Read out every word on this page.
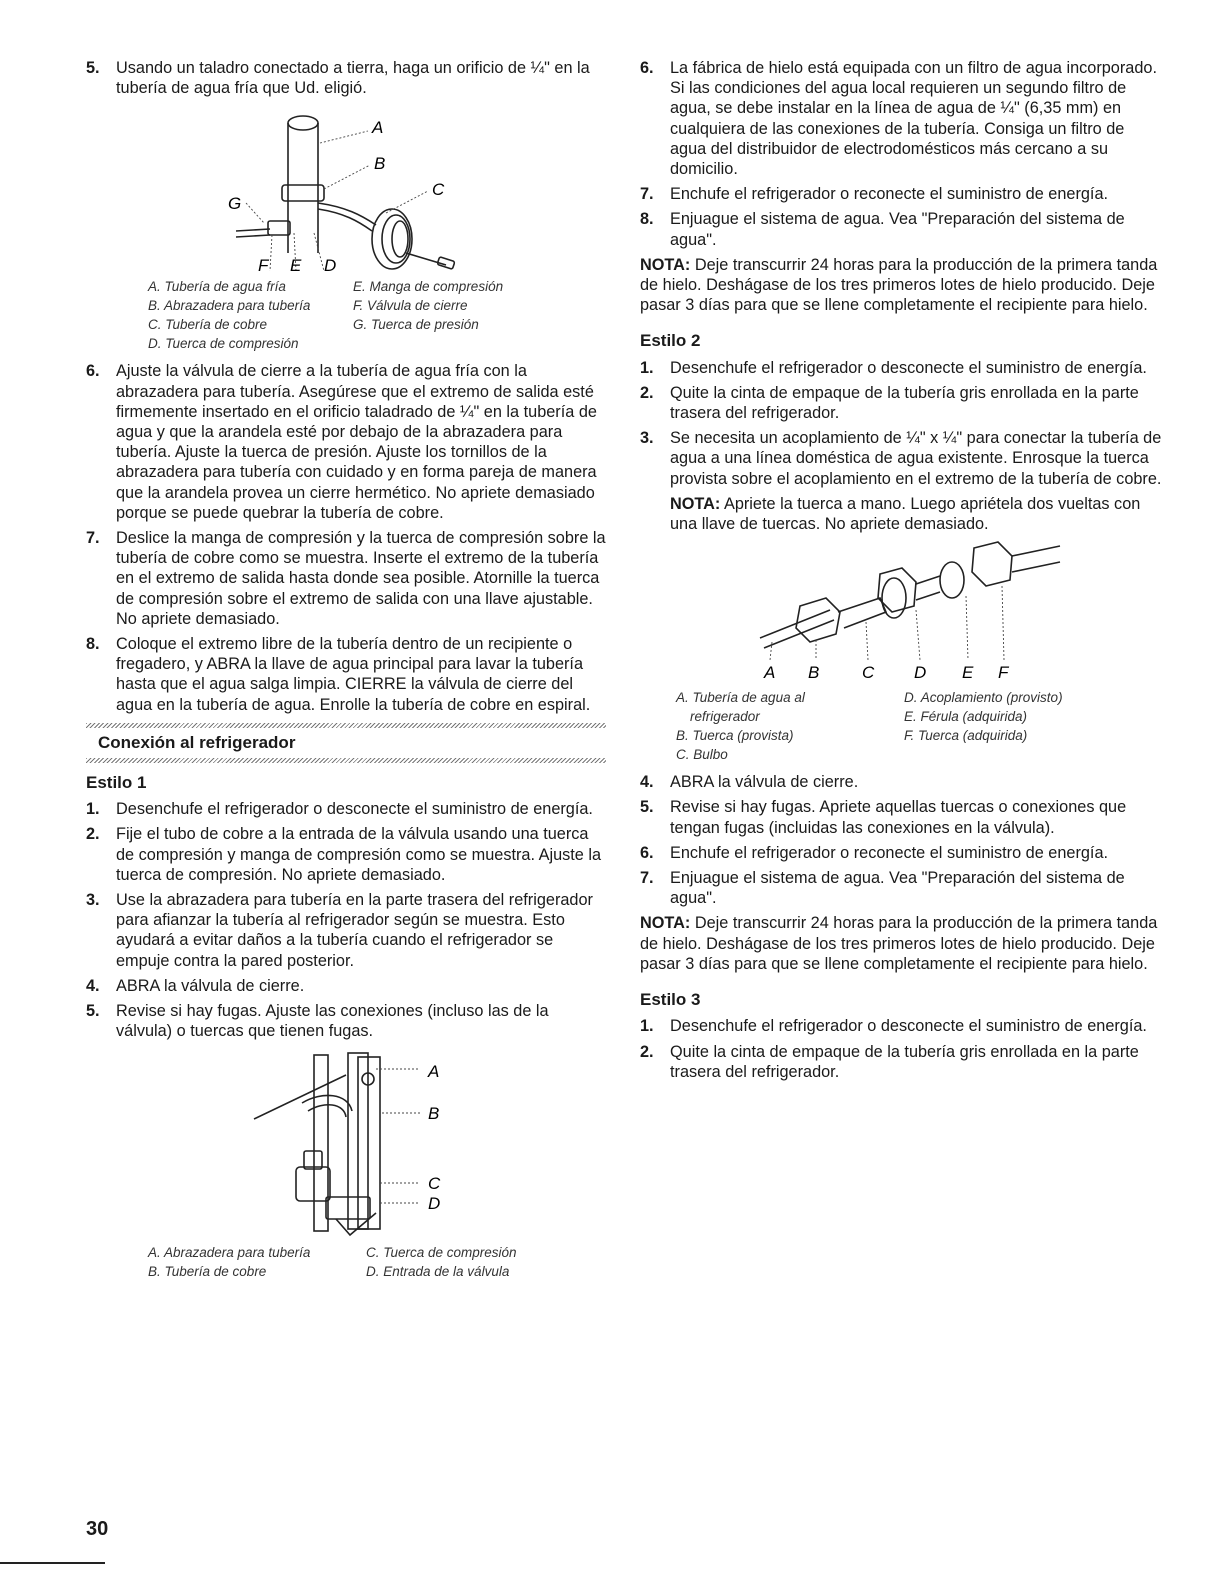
5.	Usando un taladro conectado a tierra, haga un orificio de ¼" en la tubería de agua fría que Ud. eligió.
A
B
C
G
F E D
A. Tubería de agua fría
B. Abrazadera para tubería
C. Tubería de cobre
D. Tuerca de compresión
E. Manga de compresión
F. Válvula de cierre
G. Tuerca de presión
6.	Ajuste la válvula de cierre a la tubería de agua fría con la abrazadera para tubería. Asegúrese que el extremo de salida esté firmemente insertado en el orificio taladrado de ¼" en la tubería de agua y que la arandela esté por debajo de la abrazadera para tubería. Ajuste la tuerca de presión. Ajuste los tornillos de la abrazadera para tubería con cuidado y en forma pareja de manera que la arandela provea un cierre hermético. No apriete demasiado porque se puede quebrar la tubería de cobre.
7.	Deslice la manga de compresión y la tuerca de compresión sobre la tubería de cobre como se muestra. Inserte el extremo de la tubería en el extremo de salida hasta donde sea posible. Atornille la tuerca de compresión sobre el extremo de salida con una llave ajustable. No apriete demasiado.
8.	Coloque el extremo libre de la tubería dentro de un recipiente o fregadero, y ABRA la llave de agua principal para lavar la tubería hasta que el agua salga limpia. CIERRE la válvula de cierre del agua en la tubería de agua. Enrolle la tubería de cobre en espiral.
Conexión al refrigerador
Estilo 1
1.	Desenchufe el refrigerador o desconecte el suministro de energía.
2.	Fije el tubo de cobre a la entrada de la válvula usando una tuerca de compresión y manga de compresión como se muestra. Ajuste la tuerca de compresión. No apriete demasiado.
3.	Use la abrazadera para tubería en la parte trasera del refrigerador para afianzar la tubería al refrigerador según se muestra. Esto ayudará a evitar daños a la tubería cuando el refrigerador se empuje contra la pared posterior.
4.	ABRA la válvula de cierre.
5.	Revise si hay fugas. Ajuste las conexiones (incluso las de la válvula) o tuercas que tienen fugas.
A
B
C
D
A. Abrazadera para tubería
B. Tubería de cobre
C. Tuerca de compresión
D. Entrada de la válvula
6.	La fábrica de hielo está equipada con un filtro de agua incorporado. Si las condiciones del agua local requieren un segundo filtro de agua, se debe instalar en la línea de agua de ¼" (6,35 mm) en cualquiera de las conexiones de la tubería. Consiga un filtro de agua del distribuidor de electrodomésticos más cercano a su domicilio.
7.	Enchufe el refrigerador o reconecte el suministro de energía.
8.	Enjuague el sistema de agua. Vea "Preparación del sistema de agua".
NOTA: Deje transcurrir 24 horas para la producción de la primera tanda de hielo. Deshágase de los tres primeros lotes de hielo producido. Deje pasar 3 días para que se llene completamente el recipiente para hielo.
Estilo 2
1.	Desenchufe el refrigerador o desconecte el suministro de energía.
2.	Quite la cinta de empaque de la tubería gris enrollada en la parte trasera del refrigerador.
3.	Se necesita un acoplamiento de ¼" x ¼" para conectar la tubería de agua a una línea doméstica de agua existente. Enrosque la tuerca provista sobre el acoplamiento en el extremo de la tubería de cobre.
NOTA: Apriete la tuerca a mano. Luego apriételа dos vueltas con una llave de tuercas. No apriete demasiado.
A B	C D E F
A. Tubería de agua al
refrigerador
B. Tuerca (provista)
C. Bulbo
D. Acoplamiento (provisto)
E. Férula (adquirida)
F. Tuerca (adquirida)
4.	ABRA la válvula de cierre.
5.	Revise si hay fugas. Apriete aquellas tuercas o conexiones que tengan fugas (incluidas las conexiones en la válvula).
6.	Enchufe el refrigerador o reconecte el suministro de energía.
7.	Enjuague el sistema de agua. Vea "Preparación del sistema de agua".
NOTA: Deje transcurrir 24 horas para la producción de la primera tanda de hielo. Deshágase de los tres primeros lotes de hielo producido. Deje pasar 3 días para que se llene completamente el recipiente para hielo.
Estilo 3
1.	Desenchufe el refrigerador o desconecte el suministro de energía.
2.	Quite la cinta de empaque de la tubería gris enrollada en la parte trasera del refrigerador.
30
